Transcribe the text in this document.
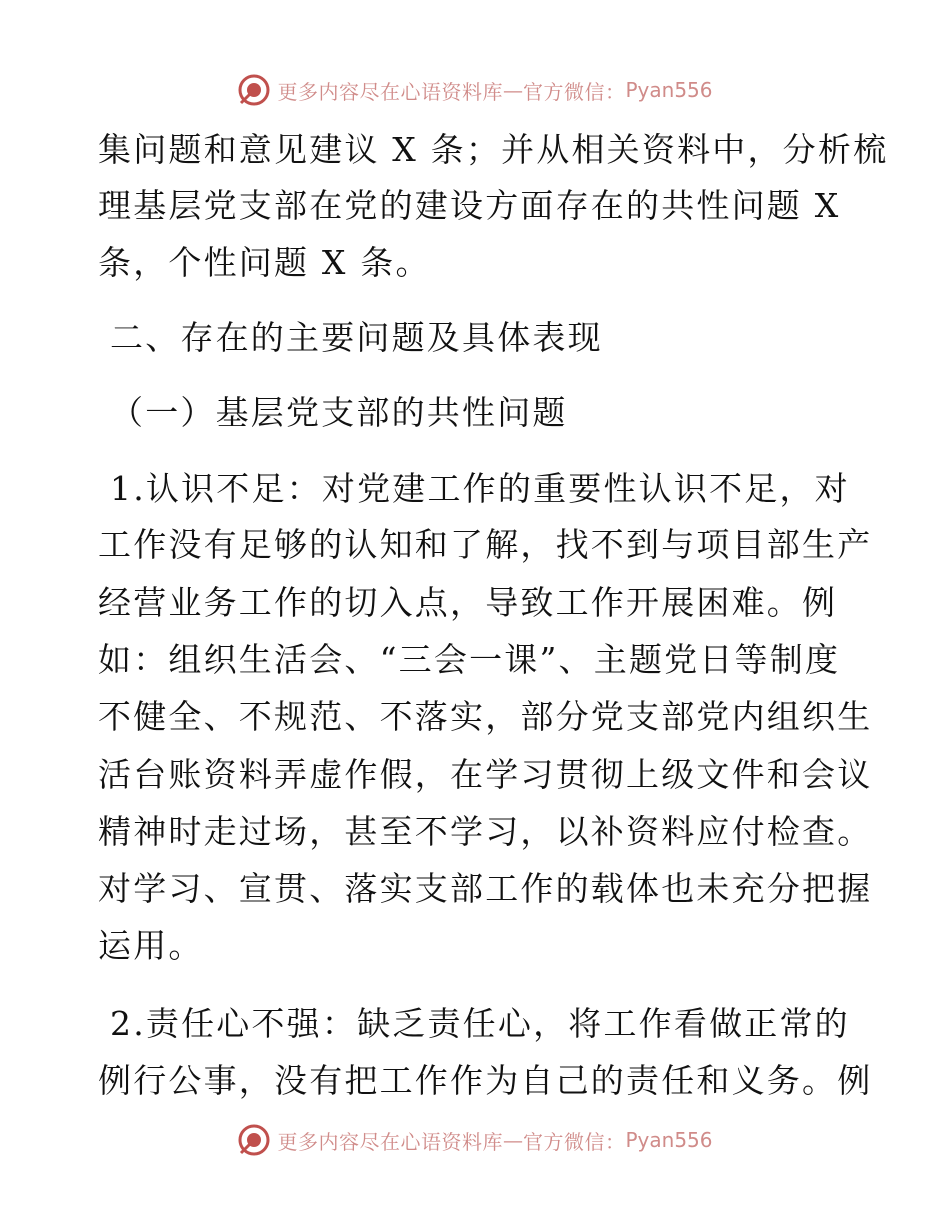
更多内容尽在心语资料库 — 官方微信： Pyan556
集问题和意见建议 X 条；并从相关资料中，分析梳
理基层党支部在党的建设方面存在的共性问题 X
条，个性问题 X 条。
二、存在的主要问题及具体表现
（一）基层党支部的共性问题
1.认识不足：对党建工作的重要性认识不足，对
工作没有足够的认知和了解，找不到与项目部生产
经营业务工作的切入点，导致工作开展困难。例
如：组织生活会、“三会一课”、主题党日等制度
不健全、不规范、不落实，部分党支部党内组织生
活台账资料弄虚作假，在学习贯彻上级文件和会议
精神时走过场，甚至不学习，以补资料应付检查。
对学习、宣贯、落实支部工作的载体也未充分把握
运用。
2.责任心不强：缺乏责任心，将工作看做正常的
例行公事，没有把工作作为自己的责任和义务。例
更多内容尽在心语资料库 — 官方微信： Pyan556
